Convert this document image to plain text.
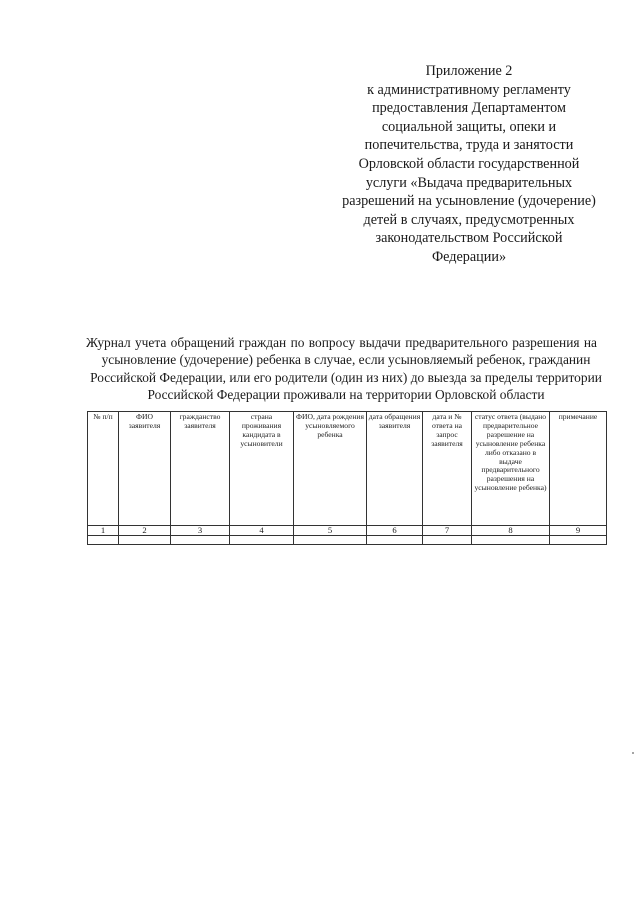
Приложение 2
к административному регламенту
предоставления Департаментом
социальной защиты, опеки и
попечительства, труда и занятости
Орловской области государственной
услуги «Выдача предварительных
разрешений на усыновление (удочерение)
детей в случаях, предусмотренных
законодательством Российской
Федерации»
Журнал учета обращений граждан по вопросу выдачи предварительного разрешения на
усыновление (удочерение) ребенка в случае, если усыновляемый ребенок, гражданин
Российской Федерации, или его родители (один из них) до выезда за пределы территории
Российской Федерации проживали на территории Орловской области
№ п/п	ФИО заявителя	гражданство заявителя	страна проживания кандидата в усыновители	ФИО, дата рождения усыновляемого ребенка	дата обращения заявителя	дата и № ответа на запрос заявителя	статус ответа (выдано предварительное разрешение на усыновление ребенка либо отказано в выдаче предварительного разрешения на усыновление ребенка)	примечание
1	2	3	4	5	6	7	8	9
